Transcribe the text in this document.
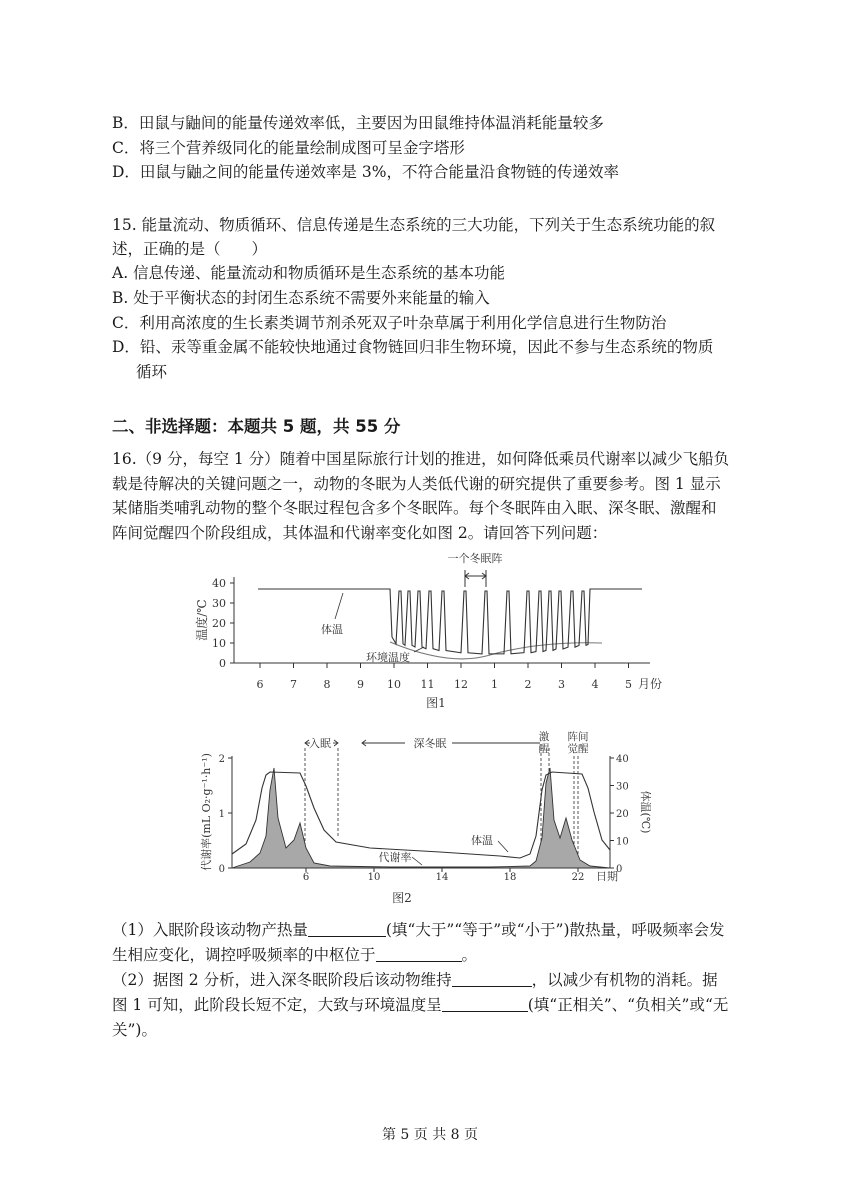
B．田鼠与鼬间的能量传递效率低，主要因为田鼠维持体温消耗能量较多
C．将三个营养级同化的能量绘制成图可呈金字塔形
D．田鼠与鼬之间的能量传递效率是 3%，不符合能量沿食物链的传递效率
15. 能量流动、物质循环、信息传递是生态系统的三大功能，下列关于生态系统功能的叙
述，正确的是（　　）
A. 信息传递、能量流动和物质循环是生态系统的基本功能
B. 处于平衡状态的封闭生态系统不需要外来能量的输入
C．利用高浓度的生长素类调节剂杀死双子叶杂草属于利用化学信息进行生物防治
D．铅、汞等重金属不能较快地通过食物链回归非生物环境，因此不参与生态系统的物质
循环
二、非选择题：本题共 5 题，共 55 分
16.（9 分，每空 1 分）随着中国星际旅行计划的推进，如何降低乘员代谢率以减少飞船负
载是待解决的关键问题之一，动物的冬眠为人类低代谢的研究提供了重要参考。图 1 显示
某储脂类哺乳动物的整个冬眠过程包含多个冬眠阵。每个冬眠阵由入眠、深冬眠、激醒和
阵间觉醒四个阶段组成，其体温和代谢率变化如图 2。请回答下列问题：
0
10
20
30
40
6 7 8 9 10 11 12 1 2 3 4 5
温度/℃
月份
一个冬眠阵
体温
环境温度
图1
入眠	深冬眠	激
醒
阵间
觉醒
0
1
2
0
10
20
30
40
6	10	14	18	22
体温
代谢率
代谢率(mL O₂·g⁻¹·h⁻¹)	体温(℃)
日期
图2
（1）入眠阶段该动物产热量	(填“大于”“等于”或“小于”)散热量，呼吸频率会发
生相应变化，调控呼吸频率的中枢位于	。
（2）据图 2 分析，进入深冬眠阶段后该动物维持	，以减少有机物的消耗。据
图 1 可知，此阶段长短不定，大致与环境温度呈	(填“正相关”、“负相关”或“无
关”)。
第 5 页 共 8 页
